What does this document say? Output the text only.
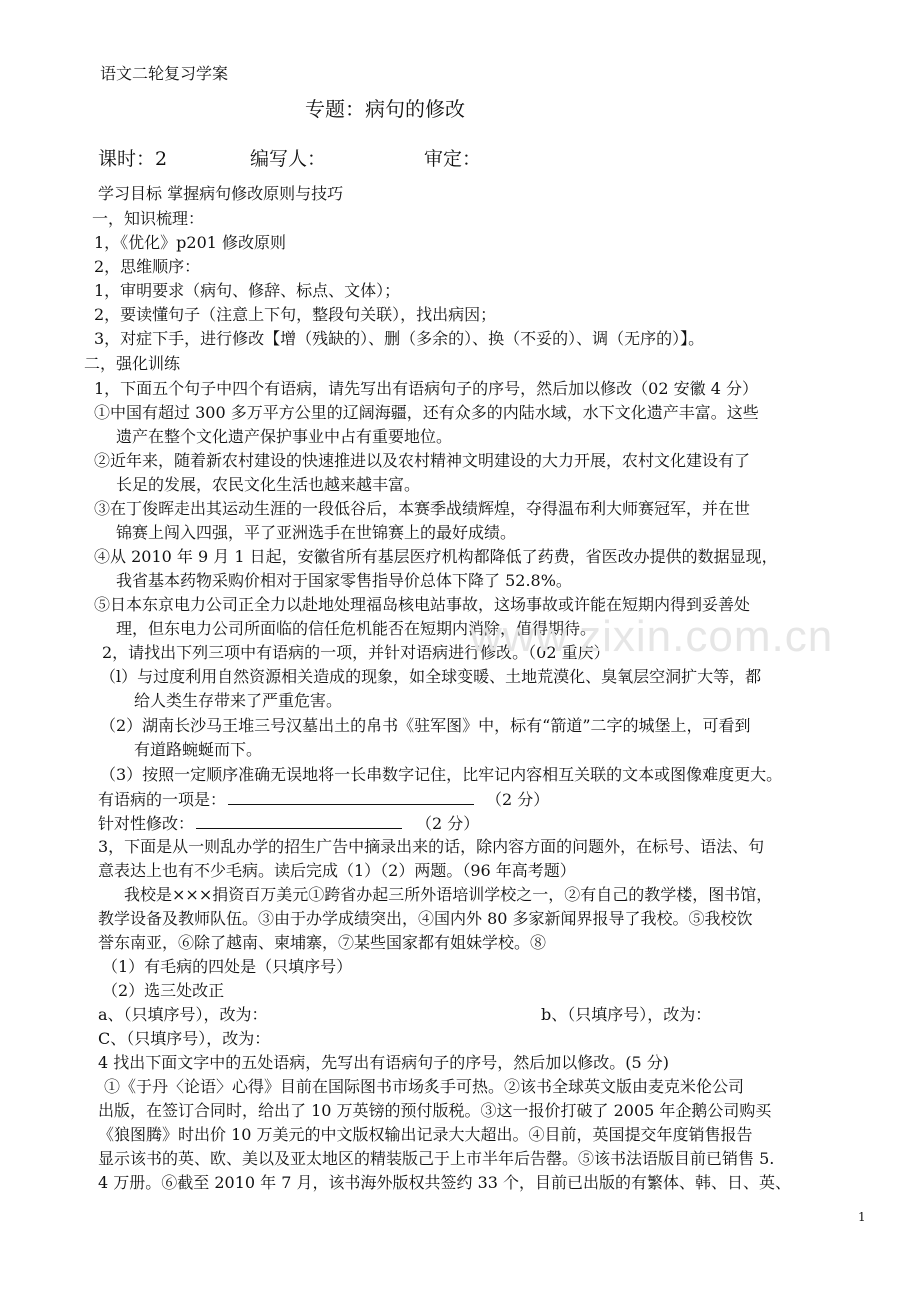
语文二轮复习学案
专题：病句的修改
课时：2	编写人：	审定：
学习目标 掌握病句修改原则与技巧
一，知识梳理：
1，《优化》p201 修改原则
2，思维顺序：
1，审明要求（病句、修辞、标点、文体）；
2，要读懂句子（注意上下句，整段句关联），找出病因；
3，对症下手，进行修改【增（残缺的）、删（多余的）、换（不妥的）、调（无序的）】。
二，强化训练
1，下面五个句子中四个有语病，请先写出有语病句子的序号，然后加以修改（02 安徽 4 分）
①中国有超过 300 多万平方公里的辽阔海疆，还有众多的内陆水域，水下文化遗产丰富。这些
遗产在整个文化遗产保护事业中占有重要地位。
②近年来，随着新农村建设的快速推进以及农村精神文明建设的大力开展，农村文化建设有了
长足的发展，农民文化生活也越来越丰富。
③在丁俊晖走出其运动生涯的一段低谷后，本赛季战绩辉煌，夺得温布利大师赛冠军，并在世
锦赛上闯入四强，平了亚洲选手在世锦赛上的最好成绩。
④从 2010 年 9 月 1 日起，安徽省所有基层医疗机构都降低了药费，省医改办提供的数据显现，
我省基本药物采购价相对于国家零售指导价总体下降了 52.8%。
⑤日本东京电力公司正全力以赴地处理福岛核电站事故，这场事故或许能在短期内得到妥善处
理，但东电力公司所面临的信任危机能否在短期内消除，值得期待。
2，请找出下列三项中有语病的一项，并针对语病进行修改。（02 重庆）
（l）与过度利用自然资源相关造成的现象，如全球变暖、土地荒漠化、臭氧层空洞扩大等，都
给人类生存带来了严重危害。
（2）湖南长沙马王堆三号汉墓出土的帛书《驻军图》中，标有“箭道”二字的城堡上，可看到
有道路蜿蜒而下。
（3）按照一定顺序准确无误地将一长串数字记住，比牢记内容相互关联的文本或图像难度更大。
有语病的一项是：	（2 分）
针对性修改：	（2 分）
3，下面是从一则乱办学的招生广告中摘录出来的话，除内容方面的问题外，在标号、语法、句
意表达上也有不少毛病。读后完成（1）（2）两题。（96 年高考题）
我校是×××捐资百万美元①跨省办起三所外语培训学校之一，②有自己的教学楼，图书馆，
教学设备及教师队伍。③由于办学成绩突出，④国内外 80 多家新闻界报导了我校。⑤我校饮
誉东南亚，⑥除了越南、柬埔寨，⑦某些国家都有姐妹学校。⑧
（1）有毛病的四处是（只填序号）
（2）选三处改正
a、（只填序号），改为：	b、（只填序号），改为：
C、（只填序号），改为：
4 找出下面文字中的五处语病，先写出有语病句子的序号，然后加以修改。(5 分)
①《于丹〈论语〉心得》目前在国际图书市场炙手可热。②该书全球英文版由麦克米伦公司
出版，在签订合同时，给出了 10 万英镑的预付版税。③这一报价打破了 2005 年企鹅公司购买
《狼图腾》时出价 10 万美元的中文版权输出记录大大超出。④目前，英国提交年度销售报告
显示该书的英、欧、美以及亚太地区的精装版己于上市半年后告罄。⑤该书法语版目前已销售 5.
4 万册。⑥截至 2010 年 7 月，该书海外版权共签约 33 个，目前已出版的有繁体、韩、日、英、
www.zixin.com.cn
1
